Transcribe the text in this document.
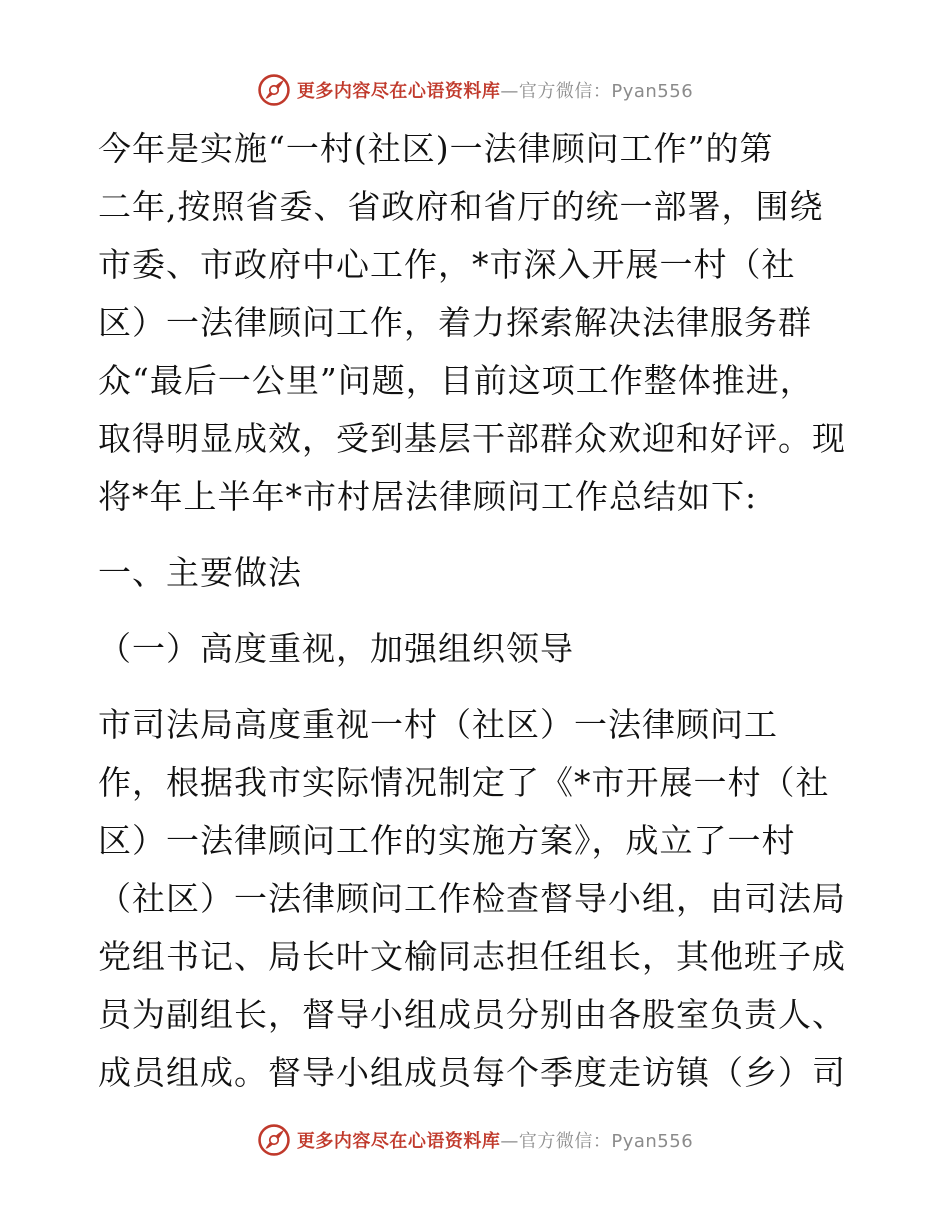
更多内容尽在心语资料库—官方微信：Pyan556
今年是实施“一村(社区)一法律顾问工作”的第
二年,按照省委、省政府和省厅的统一部署，围绕
市委、市政府中心工作，*市深入开展一村（社
区）一法律顾问工作，着力探索解决法律服务群
众“最后一公里”问题，目前这项工作整体推进，
取得明显成效，受到基层干部群众欢迎和好评。现
将*年上半年*市村居法律顾问工作总结如下:
一、主要做法
（一）高度重视，加强组织领导
市司法局高度重视一村（社区）一法律顾问工
作，根据我市实际情况制定了《*市开展一村（社
区）一法律顾问工作的实施方案》，成立了一村
（社区）一法律顾问工作检查督导小组，由司法局
党组书记、局长叶文榆同志担任组长，其他班子成
员为副组长，督导小组成员分别由各股室负责人、
成员组成。督导小组成员每个季度走访镇（乡）司
更多内容尽在心语资料库—官方微信：Pyan556
